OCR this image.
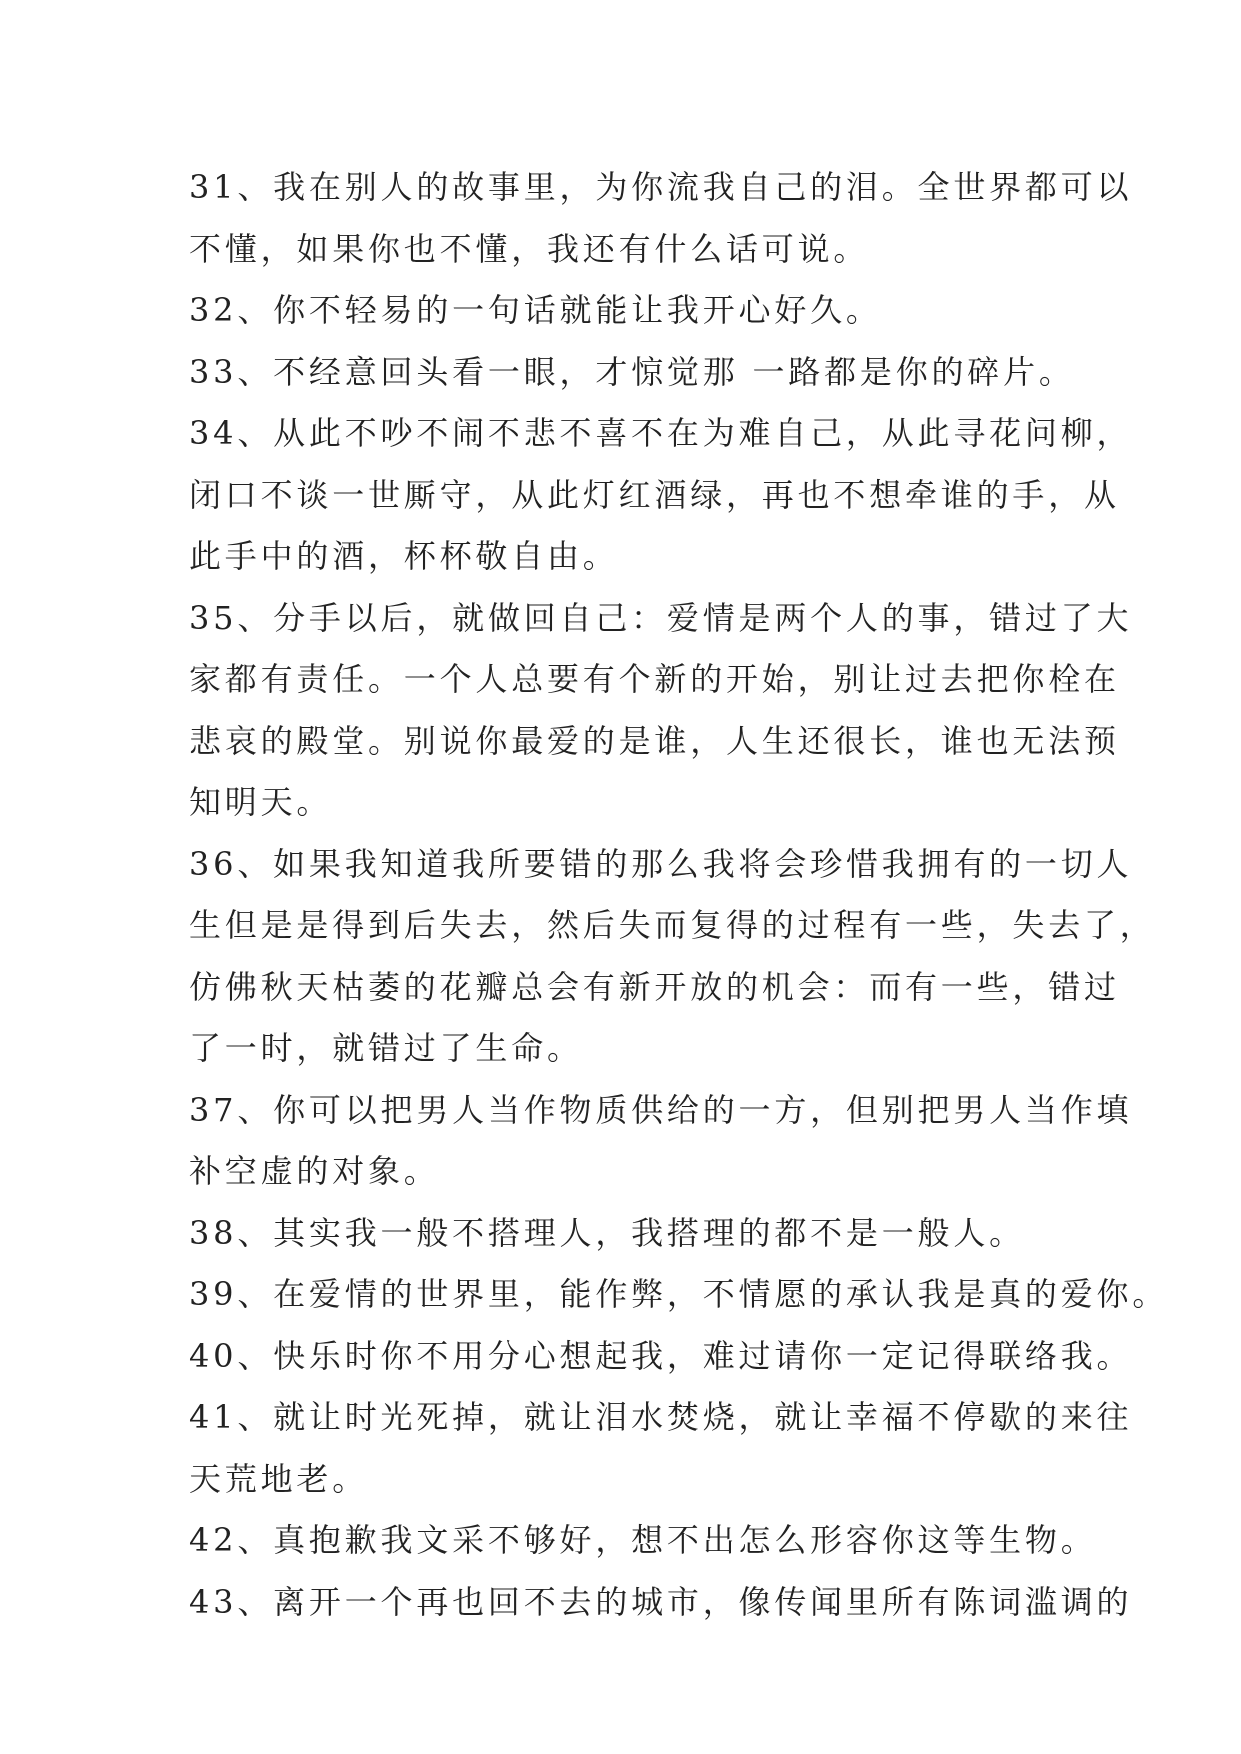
31、我在别人的故事里，为你流我自己的泪。全世界都可以
不懂，如果你也不懂，我还有什么话可说。
32、你不轻易的一句话就能让我开心好久。
33、不经意回头看一眼，才惊觉那 一路都是你的碎片。
34、从此不吵不闹不悲不喜不在为难自己，从此寻花问柳，
闭口不谈一世厮守，从此灯红酒绿，再也不想牵谁的手，从
此手中的酒，杯杯敬自由。
35、分手以后，就做回自己：爱情是两个人的事，错过了大
家都有责任。一个人总要有个新的开始，别让过去把你栓在
悲哀的殿堂。别说你最爱的是谁，人生还很长，谁也无法预
知明天。
36、如果我知道我所要错的那么我将会珍惜我拥有的一切人
生但是是得到后失去，然后失而复得的过程有一些，失去了，
仿佛秋天枯萎的花瓣总会有新开放的机会：而有一些，错过
了一时，就错过了生命。
37、你可以把男人当作物质供给的一方，但别把男人当作填
补空虚的对象。
38、其实我一般不搭理人，我搭理的都不是一般人。
39、在爱情的世界里，能作弊，不情愿的承认我是真的爱你。
40、快乐时你不用分心想起我，难过请你一定记得联络我。
41、就让时光死掉，就让泪水焚烧，就让幸福不停歇的来往
天荒地老。
42、真抱歉我文采不够好，想不出怎么形容你这等生物。
43、离开一个再也回不去的城市，像传闻里所有陈词滥调的
